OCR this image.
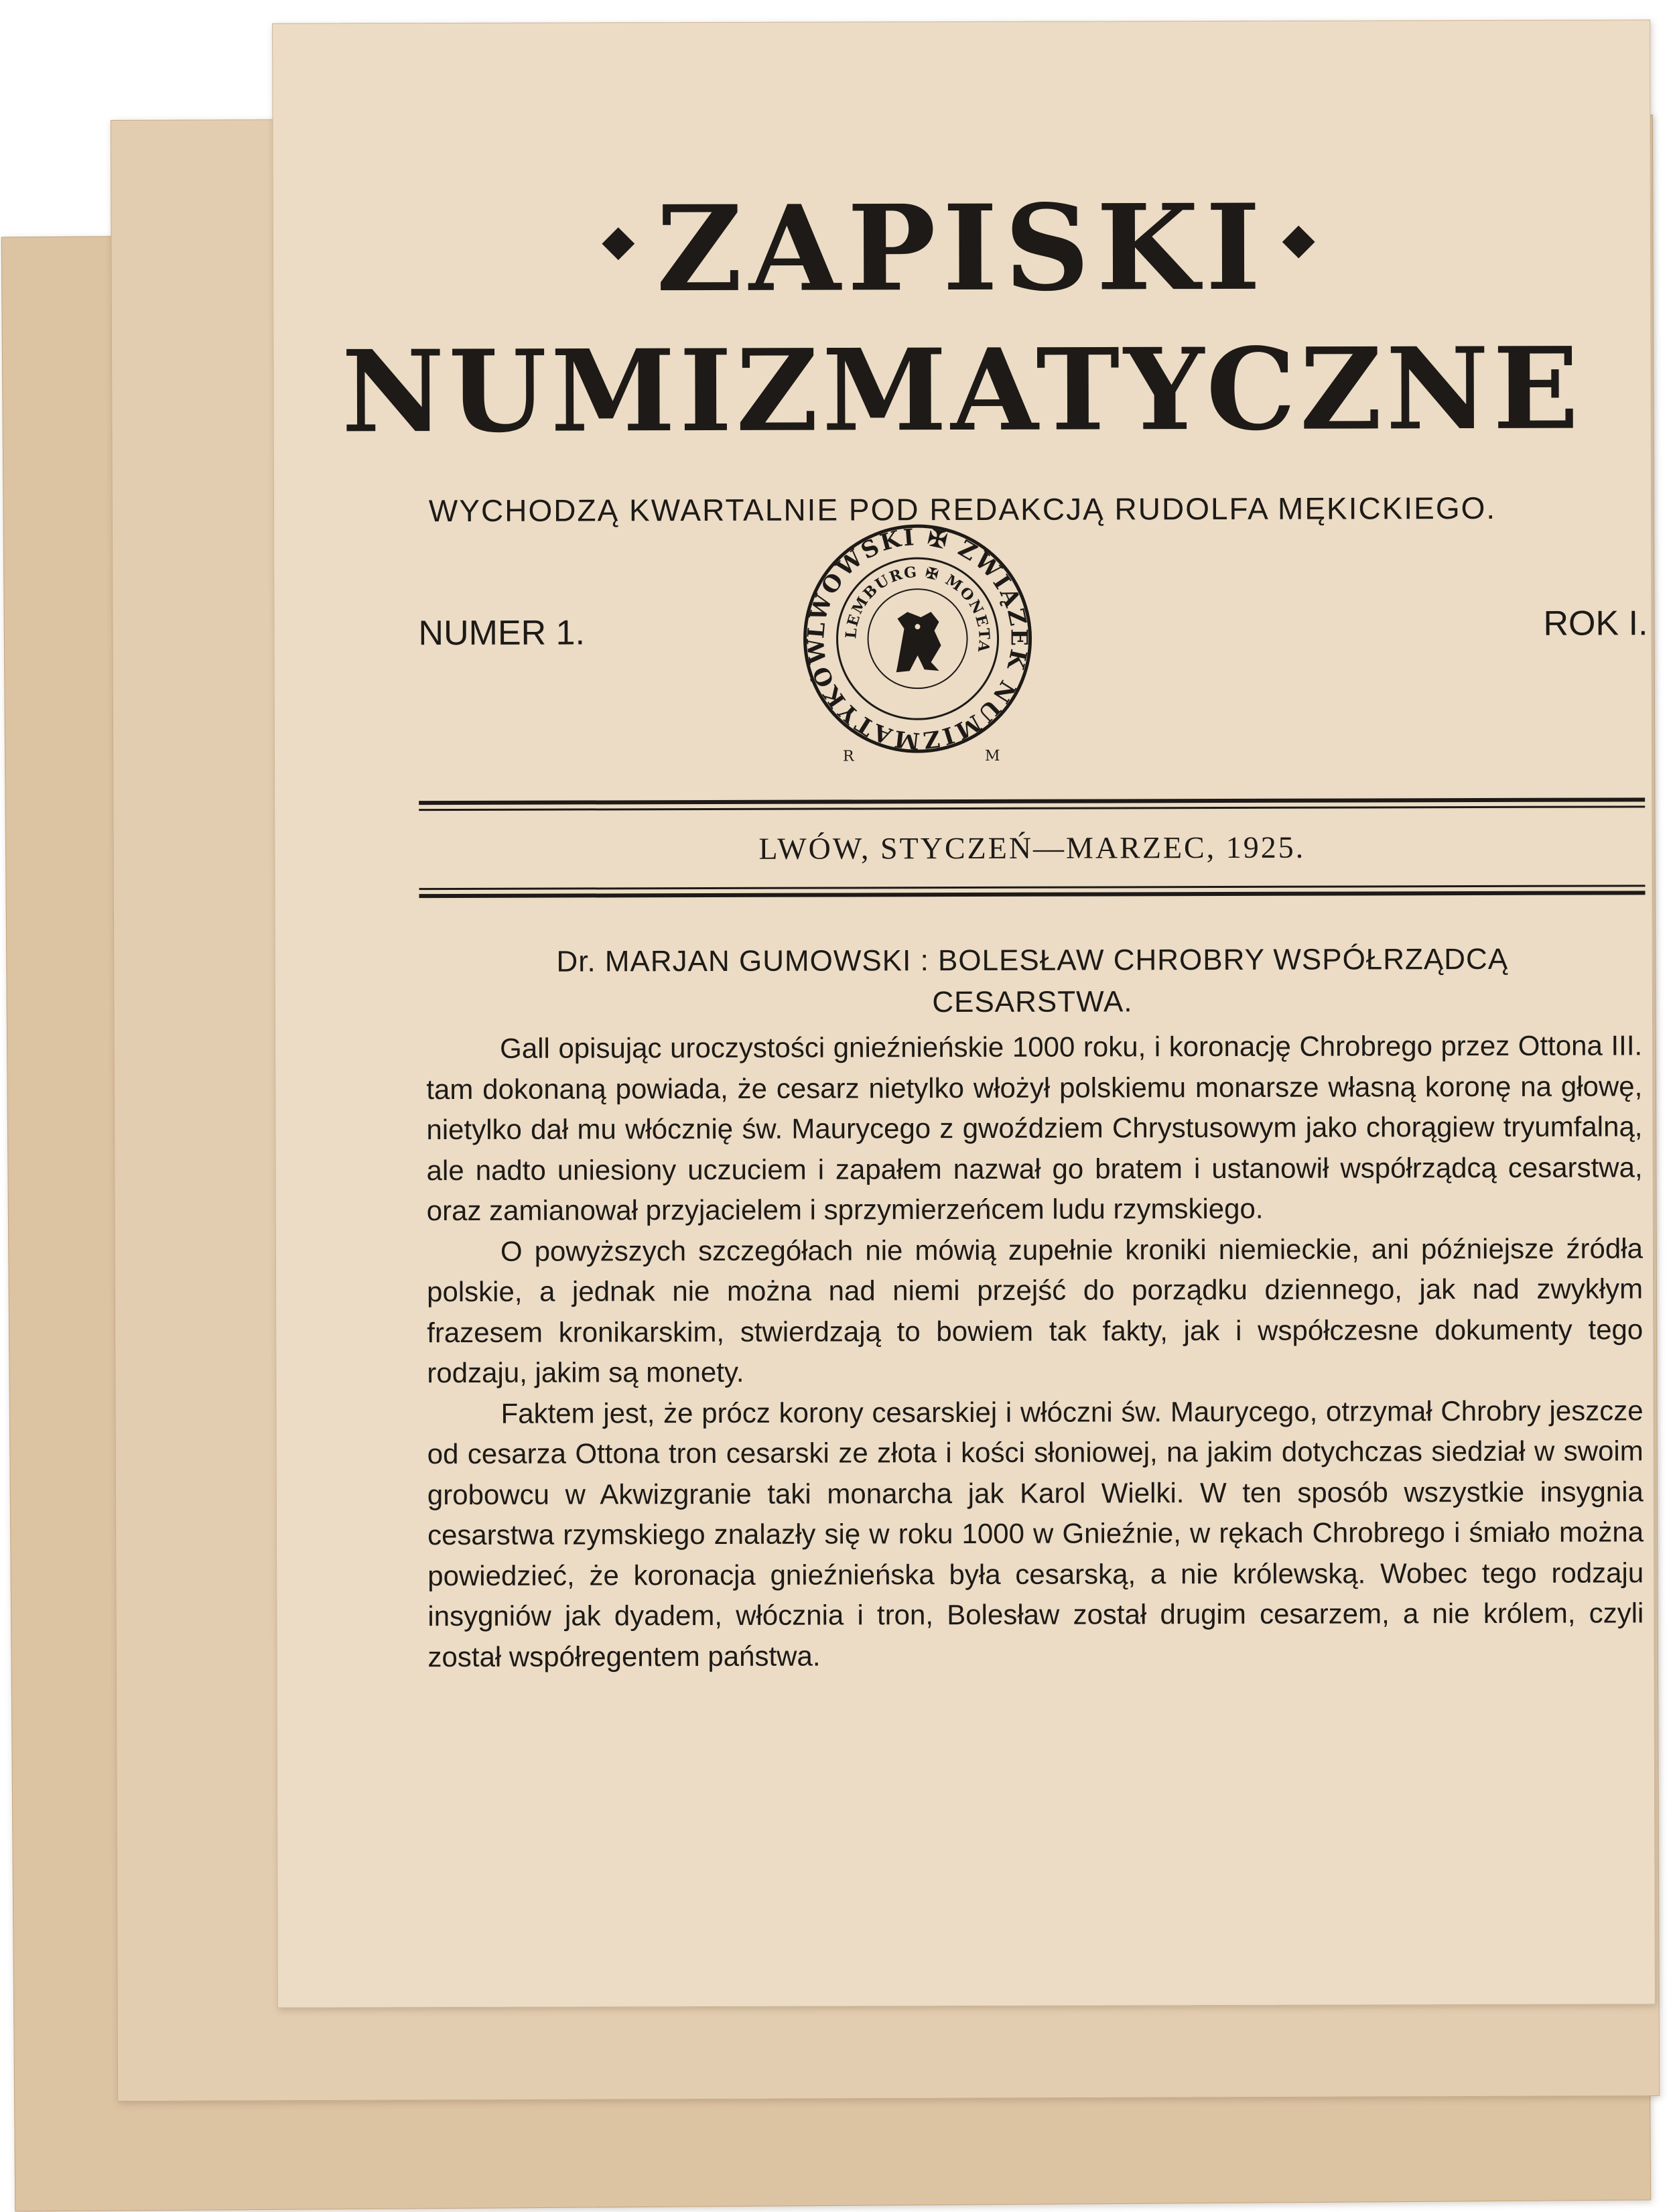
◆ ZAPISKI ◆
NUMIZMATYCZNE
WYCHODZĄ KWARTALNIE POD REDAKCJĄ RUDOLFA MĘKICKIEGO.
NUMER 1.	ROK I.
LWOWSKI ✠ ZWIĄZEK NUMIZMATYKÓW
LEMBURG ✠ MONETA
R	M
LWÓW, STYCZEŃ—MARZEC, 1925.
Dr. MARJAN GUMOWSKI : BOLESŁAW CHROBRY WSPÓŁRZĄDCĄ
CESARSTWA.

Gall opisując uroczystości gnieźnieńskie 1000 roku, i koronację Chrobrego przez Ottona III. tam dokonaną powiada, że cesarz nietylko włożył polskiemu monarsze własną koronę na głowę, nietylko dał mu włócznię św. Maurycego z gwoździem Chrystusowym jako chorągiew tryumfalną, ale nadto uniesiony uczuciem i zapałem nazwał go bratem i ustanowił współrządcą cesarstwa, oraz zamianował przyjacielem i sprzymierzeńcem ludu rzymskiego.

O powyższych szczegółach nie mówią zupełnie kroniki niemieckie, ani późniejsze źródła polskie, a jednak nie można nad niemi przejść do porządku dziennego, jak nad zwykłym frazesem kronikarskim, stwierdzają to bowiem tak fakty, jak i współczesne dokumenty tego rodzaju, jakim są monety.

Faktem jest, że prócz korony cesarskiej i włóczni św. Maurycego, otrzymał Chrobry jeszcze od cesarza Ottona tron cesarski ze złota i kości słoniowej, na jakim dotychczas siedział w swoim grobowcu w Akwizgranie taki monarcha jak Karol Wielki. W ten sposób wszystkie insygnia cesarstwa rzymskiego znalazły się w roku 1000 w Gnieźnie, w rękach Chrobrego i śmiało można powiedzieć, że koronacja gnieźnieńska była cesarską, a nie królewską. Wobec tego rodzaju insygniów jak dyadem, włócznia i tron, Bolesław został drugim cesarzem, a nie królem, czyli został współregentem państwa.
